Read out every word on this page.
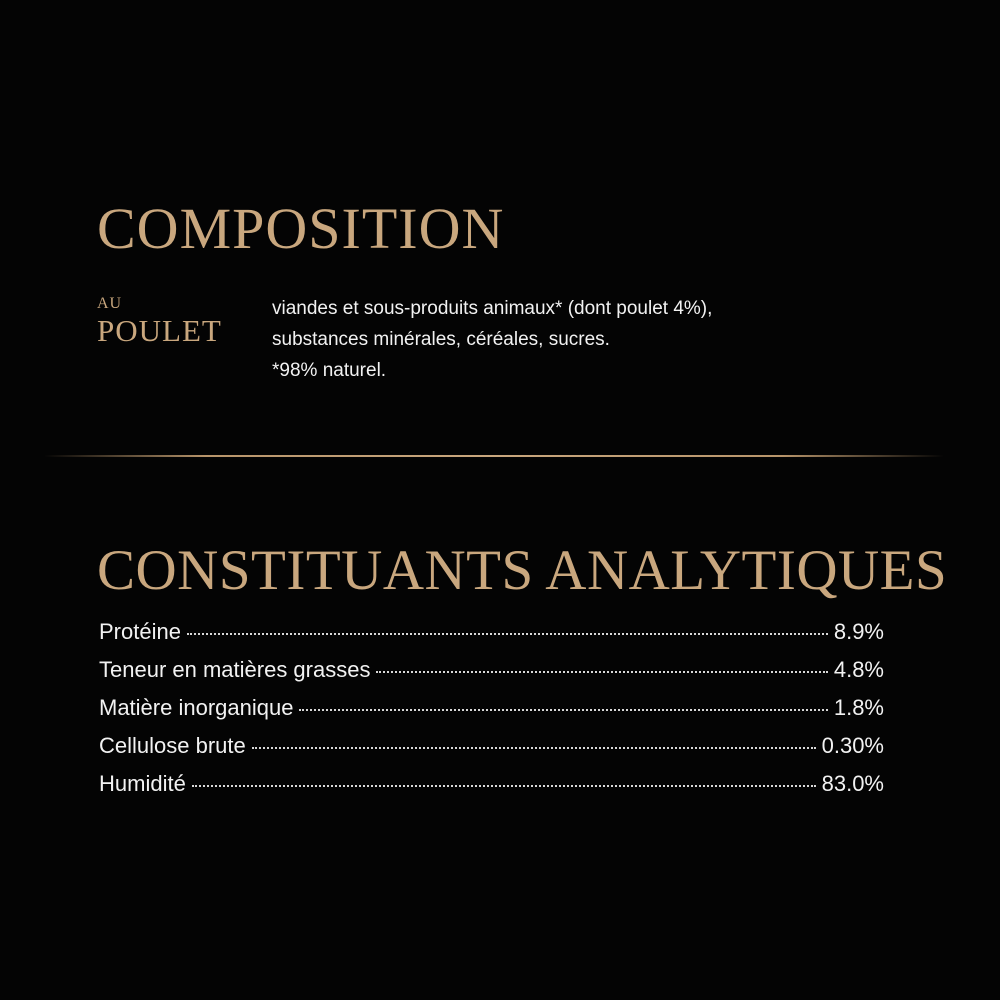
COMPOSITION
AU
POULET
viandes et sous-produits animaux* (dont poulet 4%),
substances minérales, céréales, sucres.
*98% naturel.
CONSTITUANTS ANALYTIQUES
Protéine	8.9%
Teneur en matières grasses	4.8%
Matière inorganique	1.8%
Cellulose brute	0.30%
Humidité	83.0%
